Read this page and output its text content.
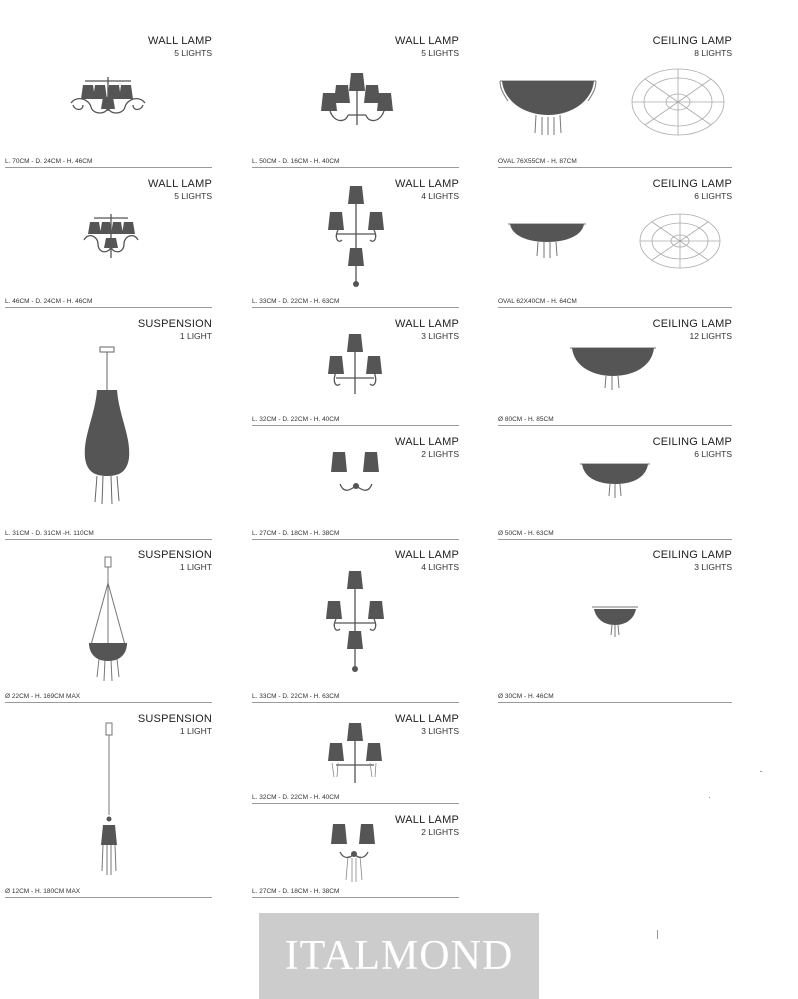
WALL LAMP
5 LIGHTS
L. 70CM - D. 24CM - H. 46CM
WALL LAMP
5 LIGHTS
L. 46CM - D. 24CM - H. 46CM
SUSPENSION
1 LIGHT
L. 31CM - D. 31CM -H. 110CM
SUSPENSION
1 LIGHT
Ø 22CM - H. 169CM MAX
SUSPENSION
1 LIGHT
Ø 12CM - H. 180CM MAX
WALL LAMP
5 LIGHTS
L. 50CM - D. 16CM - H. 40CM
WALL LAMP
4 LIGHTS
L. 33CM - D. 22CM - H. 63CM
WALL LAMP
3 LIGHTS
L. 32CM - D. 22CM - H. 40CM
WALL LAMP
2 LIGHTS
L. 27CM - D. 18CM - H. 38CM
WALL LAMP
4 LIGHTS
L. 33CM - D. 22CM - H. 63CM
WALL LAMP
3 LIGHTS
L. 32CM - D. 22CM - H. 40CM
WALL LAMP
2 LIGHTS
L. 27CM - D. 18CM - H. 38CM
CEILING LAMP
8 LIGHTS
OVAL 76X55CM - H. 87CM
CEILING LAMP
6 LIGHTS
OVAL 62X40CM - H. 64CM
CEILING LAMP
12 LIGHTS
Ø 80CM - H. 85CM
CEILING LAMP
6 LIGHTS
Ø 50CM - H. 63CM
CEILING LAMP
3 LIGHTS
Ø 30CM - H. 46CM
ITALMOND
